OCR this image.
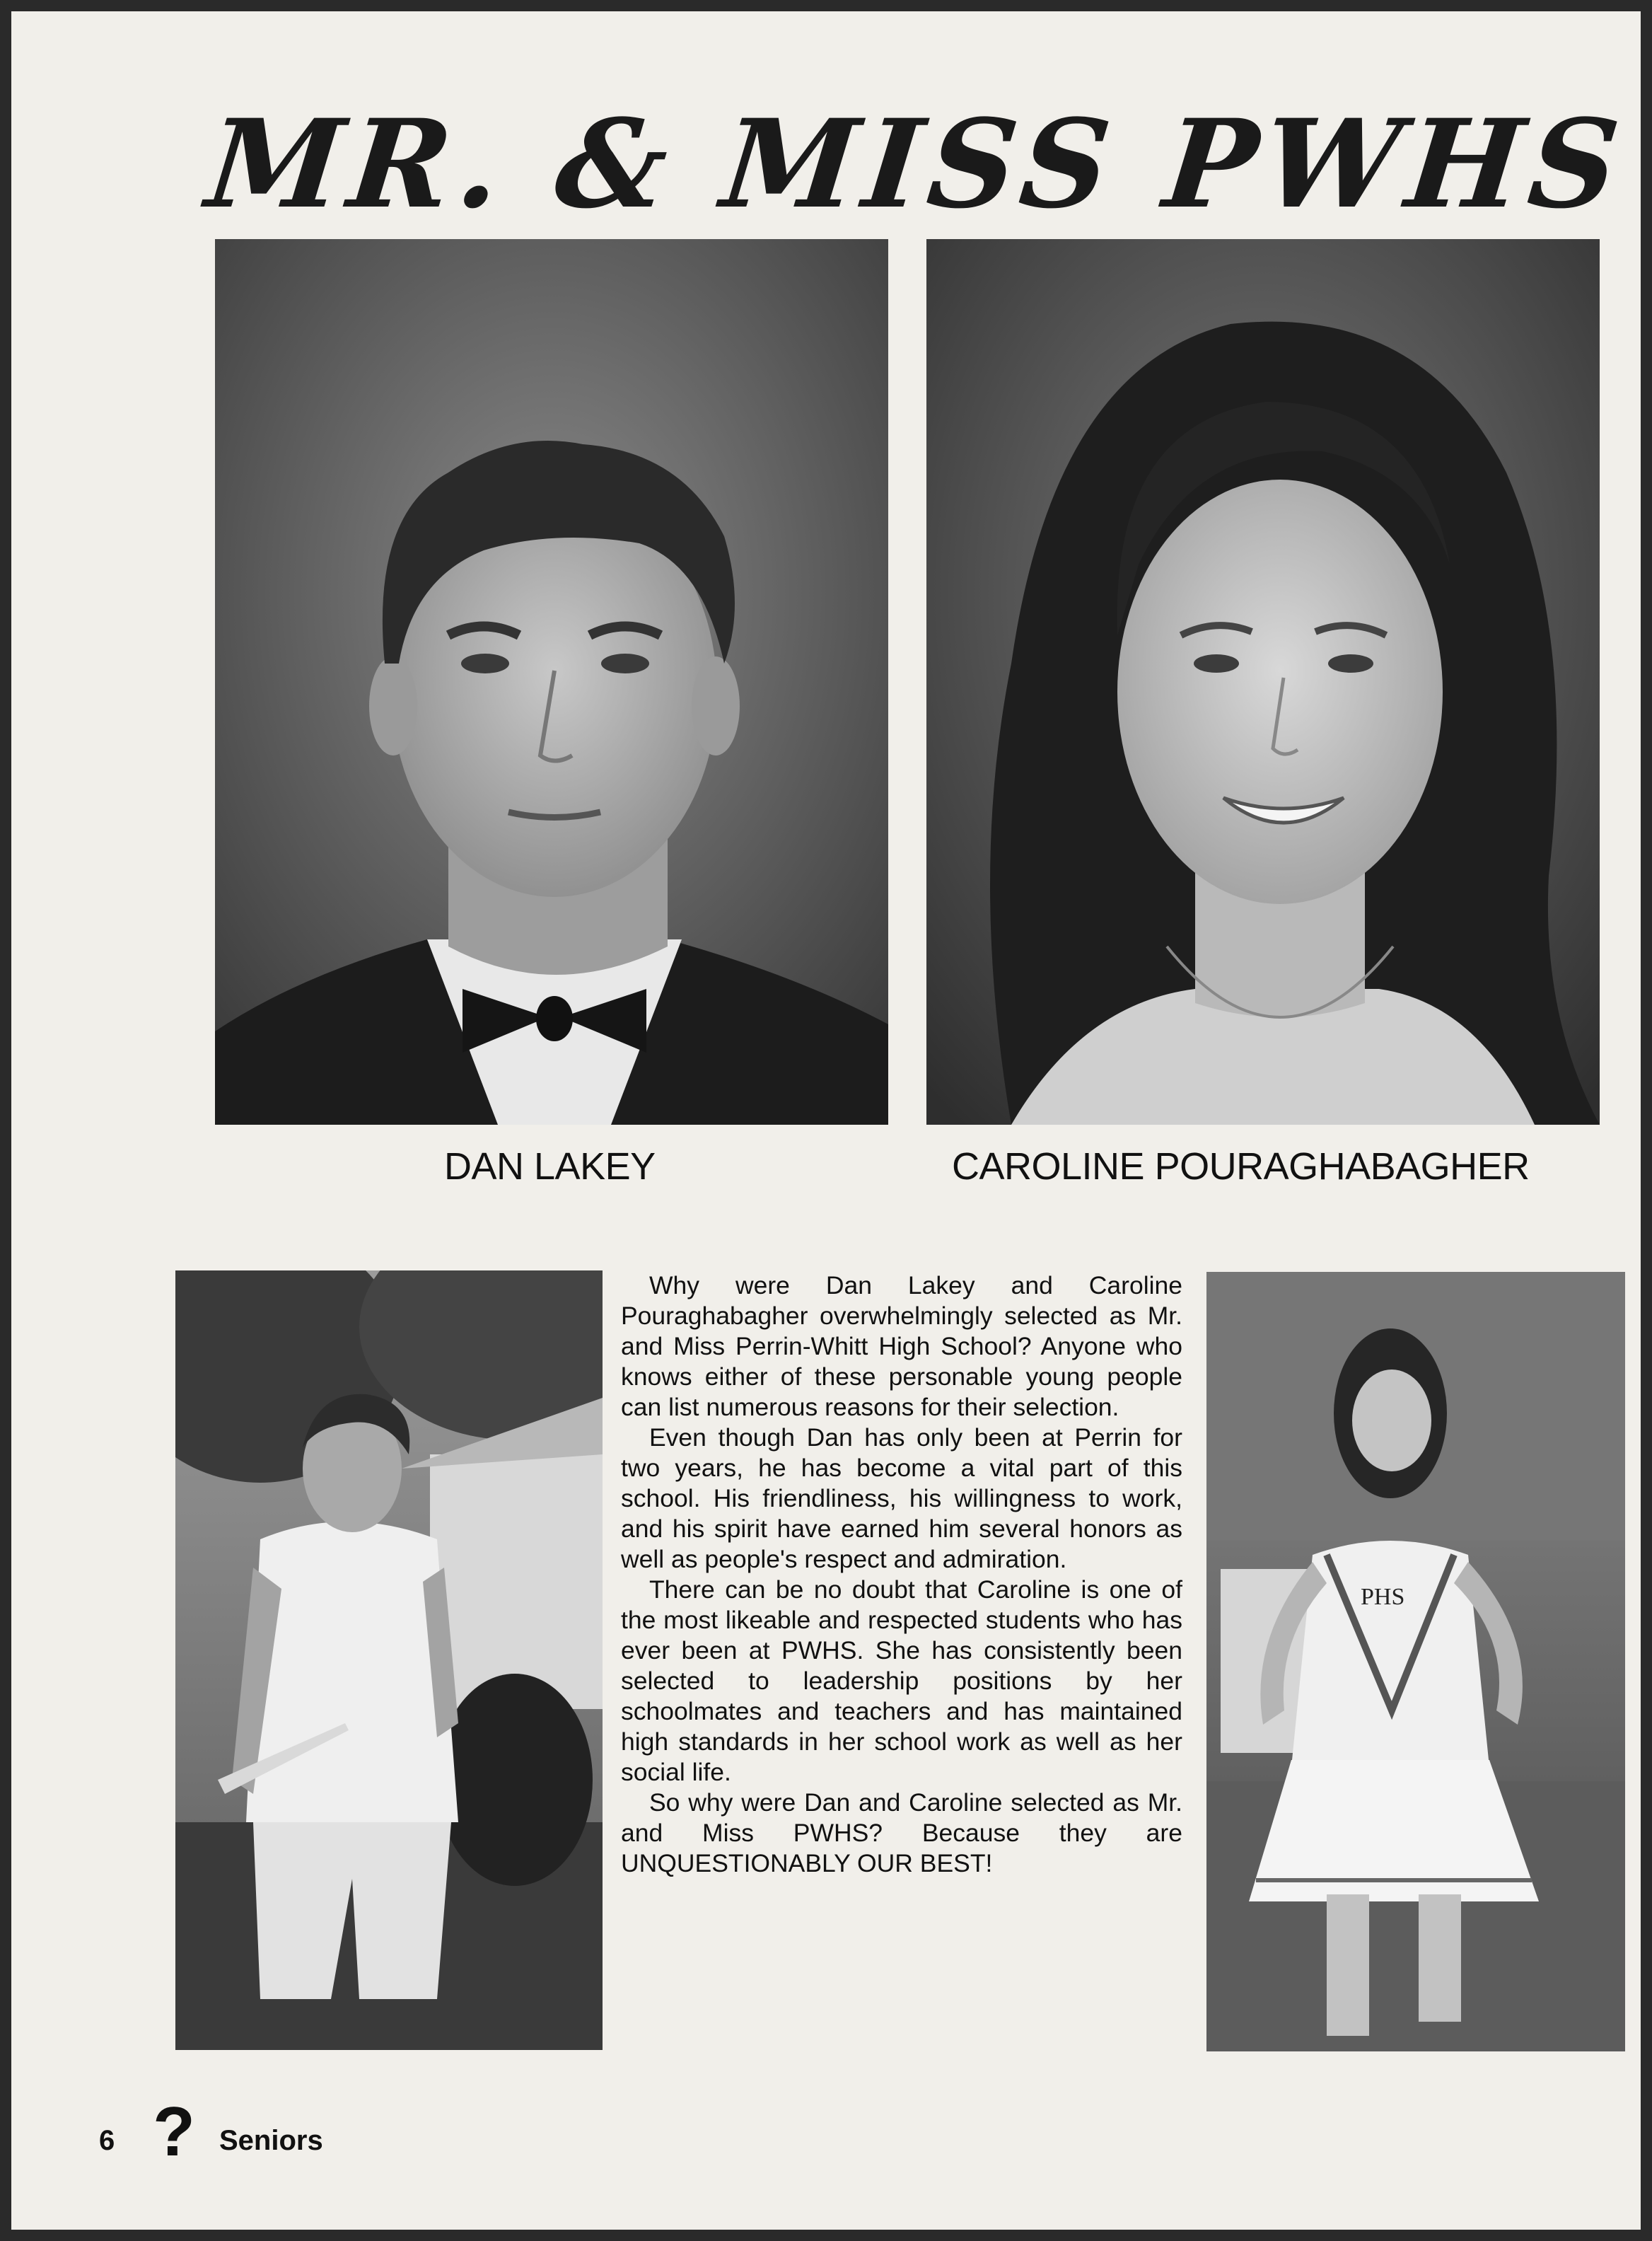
MR. & MISS PWHS
DAN LAKEY	CAROLINE POURAGHABAGHER

Why were Dan Lakey and Caroline Pouraghabagher overwhelmingly selected as Mr. and Miss Perrin-Whitt High School? Anyone who knows either of these personable young people can list numerous reasons for their selection.

Even though Dan has only been at Perrin for two years, he has become a vital part of this school. His friendliness, his willingness to work, and his spirit have earned him several honors as well as people's respect and admiration.

There can be no doubt that Caroline is one of the most likeable and respected students who has ever been at PWHS. She has consistently been selected to leadership positions by her schoolmates and teachers and has maintained high standards in her school work as well as her social life.

So why were Dan and Caroline selected as Mr. and Miss PWHS? Because they are UNQUESTIONABLY OUR BEST!

PHS
6 ? Seniors
